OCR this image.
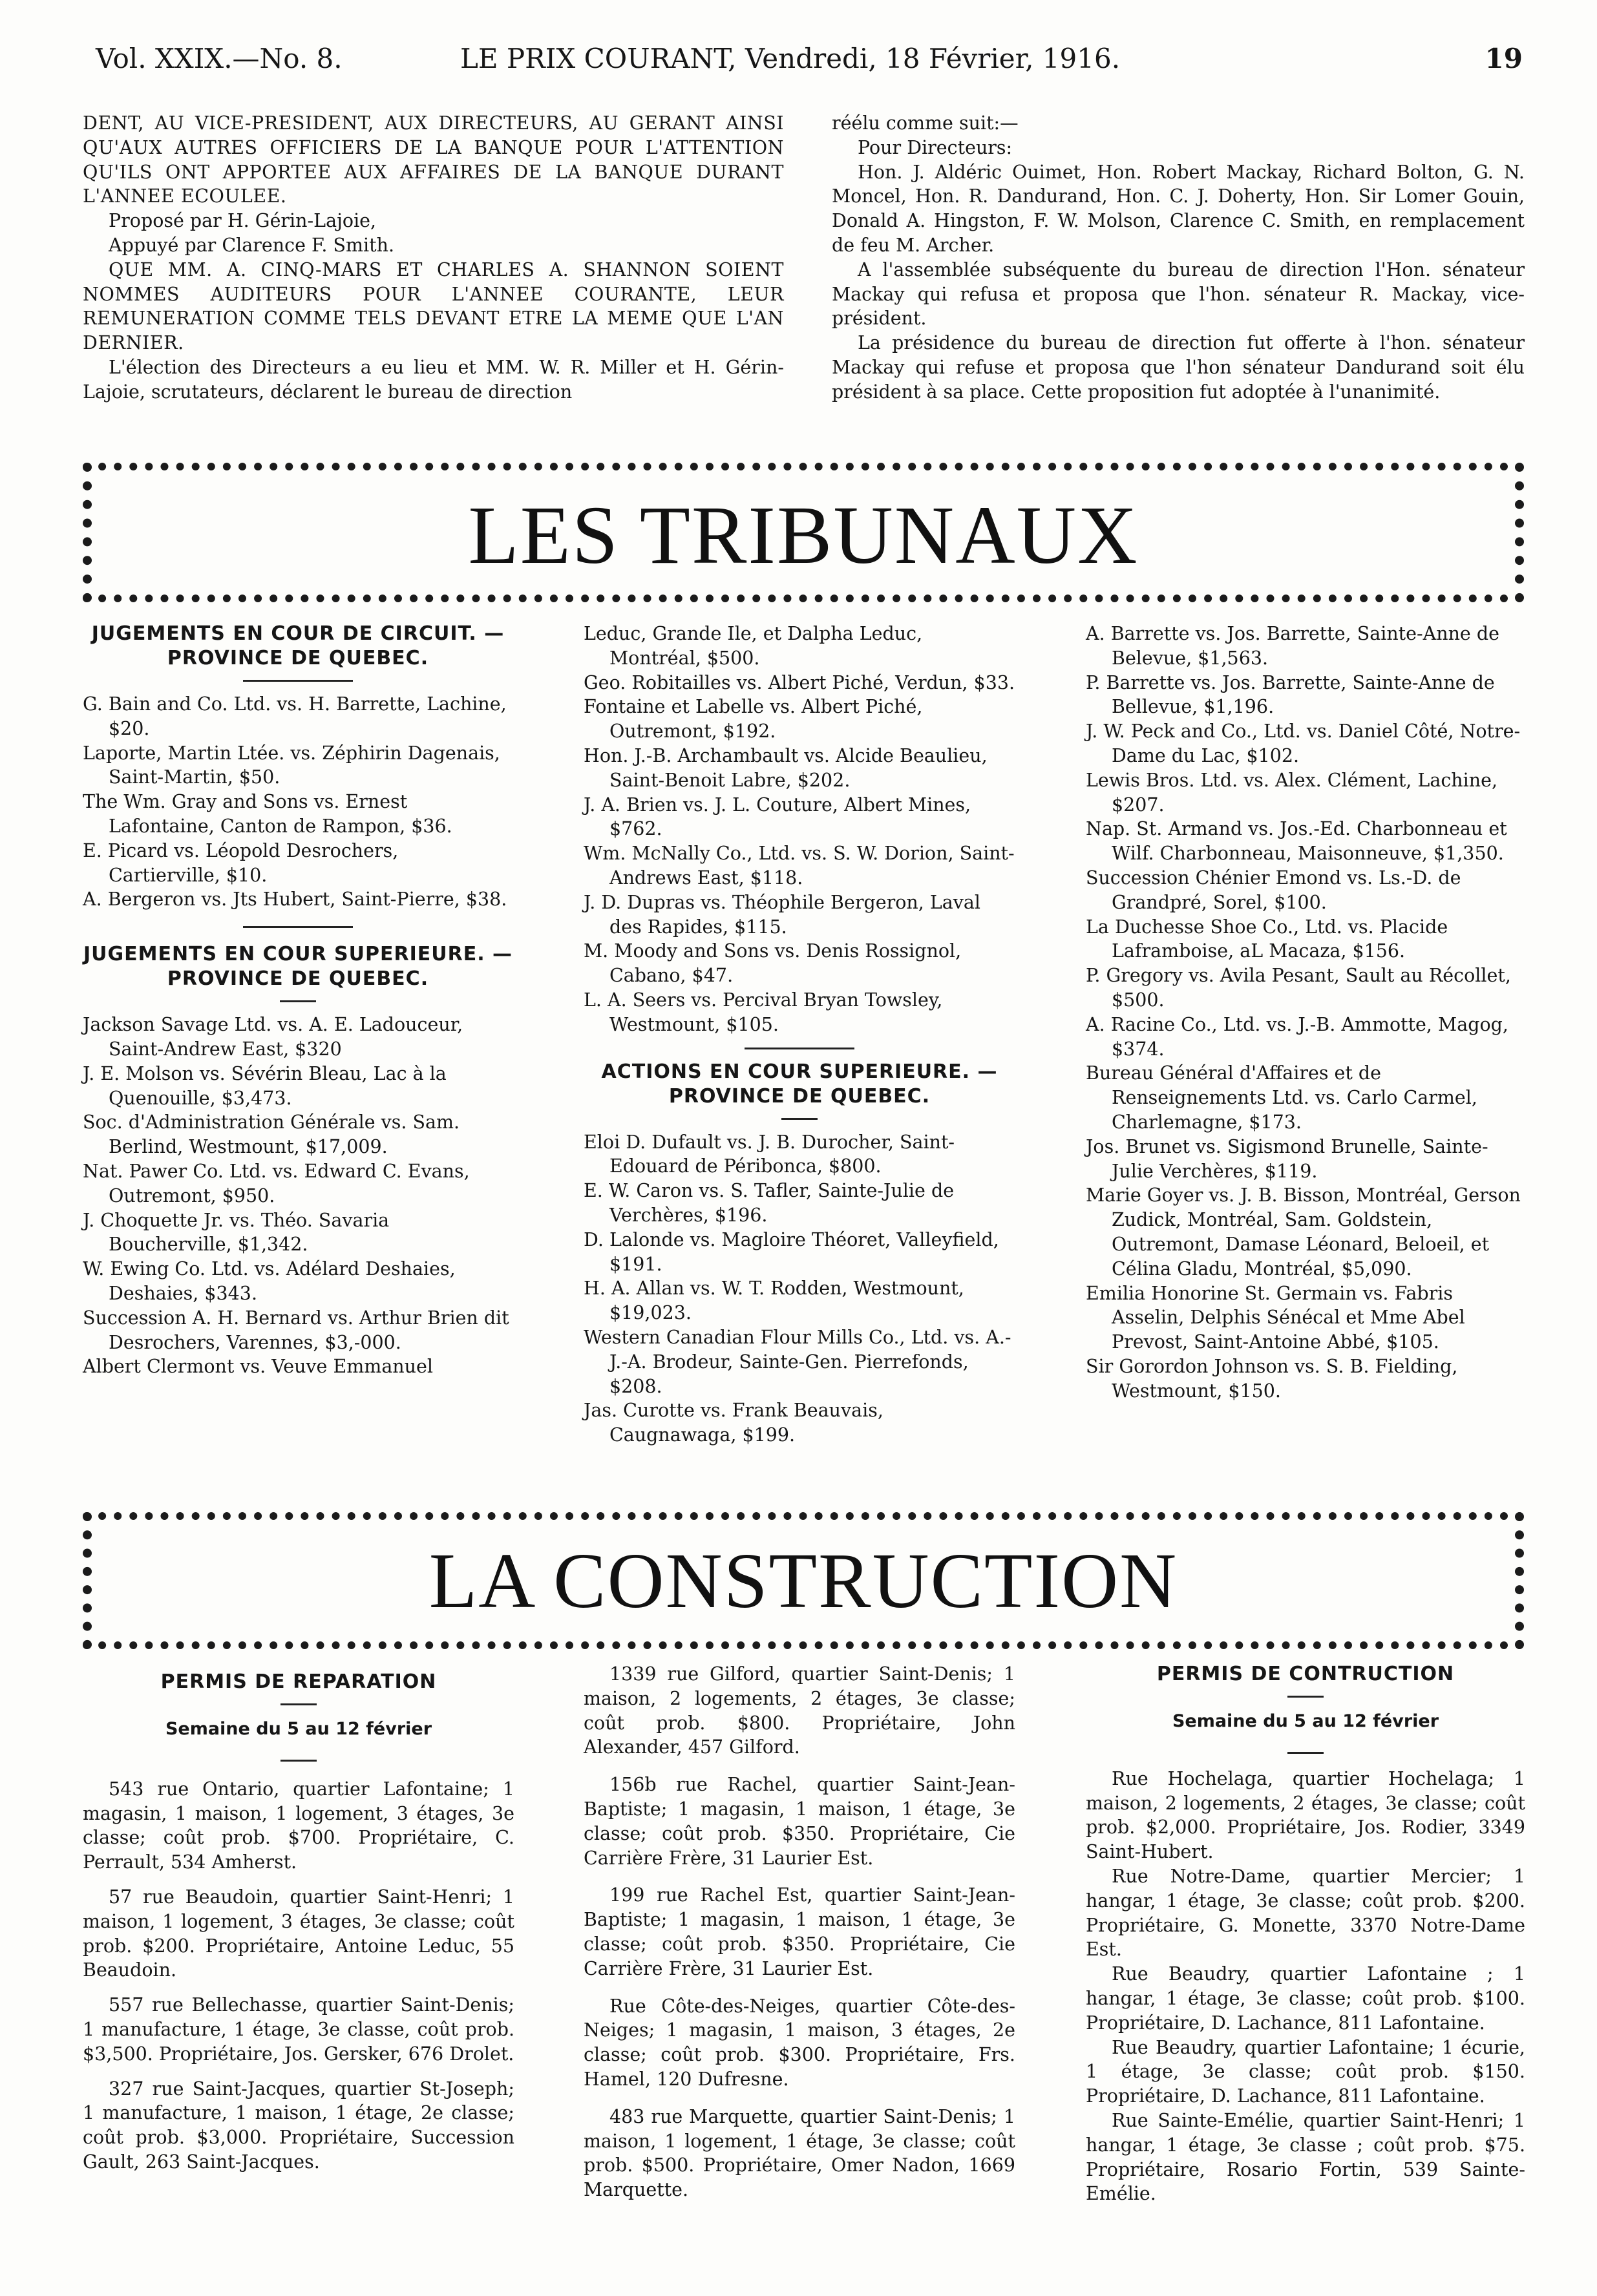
Vol. XXIX.—No. 8.	LE PRIX COURANT, Vendredi, 18 Février, 1916.	19

DENT, AU VICE-PRESIDENT, AUX DIRECTEURS, AU GERANT AINSI QU'AUX AUTRES OFFICIERS DE LA BANQUE POUR L'ATTENTION QU'ILS ONT APPORTEE AUX AFFAIRES DE LA BANQUE DURANT L'ANNEE ECOULEE.

Proposé par H. Gérin-Lajoie,

Appuyé par Clarence F. Smith.

QUE MM. A. CINQ-MARS ET CHARLES A. SHANNON SOIENT NOMMES AUDITEURS POUR L'ANNEE COURANTE, LEUR REMUNERATION COMME TELS DEVANT ETRE LA MEME QUE L'AN DERNIER.

L'élection des Directeurs a eu lieu et MM. W. R. Miller et H. Gérin-Lajoie, scrutateurs, déclarent le bureau de direction

réélu comme suit:—

Pour Directeurs:

Hon. J. Aldéric Ouimet, Hon. Robert Mackay, Richard Bolton, G. N. Moncel, Hon. R. Dandurand, Hon. C. J. Doherty, Hon. Sir Lomer Gouin, Donald A. Hingston, F. W. Molson, Clarence C. Smith, en remplacement de feu M. Archer.

A l'assemblée subséquente du bureau de direction l'Hon. sénateur Mackay qui refusa et proposa que l'hon. sénateur R. Mackay, vice-président.

La présidence du bureau de direction fut offerte à l'hon. sénateur Mackay qui refuse et proposa que l'hon sénateur Dandurand soit élu président à sa place. Cette proposition fut adoptée à l'unanimité.

LES TRIBUNAUX
JUGEMENTS EN COUR DE CIRCUIT. — PROVINCE DE QUEBEC.

G. Bain and Co. Ltd. vs. H. Barrette, Lachine, $20.

Laporte, Martin Ltée. vs. Zéphirin Dagenais, Saint-Martin, $50.

The Wm. Gray and Sons vs. Ernest Lafontaine, Canton de Rampon, $36.

E. Picard vs. Léopold Desrochers, Cartierville, $10.

A. Bergeron vs. Jts Hubert, Saint-Pierre, $38.

JUGEMENTS EN COUR SUPERIEURE. — PROVINCE DE QUEBEC.

Jackson Savage Ltd. vs. A. E. Ladouceur, Saint-Andrew East, $320

J. E. Molson vs. Sévérin Bleau, Lac à la Quenouille, $3,473.

Soc. d'Administration Générale vs. Sam. Berlind, Westmount, $17,009.

Nat. Pawer Co. Ltd. vs. Edward C. Evans, Outremont, $950.

J. Choquette Jr. vs. Théo. Savaria Boucherville, $1,342.

W. Ewing Co. Ltd. vs. Adélard Deshaies, Deshaies, $343.

Succession A. H. Bernard vs. Arthur Brien dit Desrochers, Varennes, $3,-000.

Albert Clermont vs. Veuve Emmanuel

Leduc, Grande Ile, et Dalpha Leduc, Montréal, $500.

Geo. Robitailles vs. Albert Piché, Verdun, $33.

Fontaine et Labelle vs. Albert Piché, Outremont, $192.

Hon. J.-B. Archambault vs. Alcide Beaulieu, Saint-Benoit Labre, $202.

J. A. Brien vs. J. L. Couture, Albert Mines, $762.

Wm. McNally Co., Ltd. vs. S. W. Dorion, Saint-Andrews East, $118.

J. D. Dupras vs. Théophile Bergeron, Laval des Rapides, $115.

M. Moody and Sons vs. Denis Rossignol, Cabano, $47.

L. A. Seers vs. Percival Bryan Towsley, Westmount, $105.

ACTIONS EN COUR SUPERIEURE. — PROVINCE DE QUEBEC.

Eloi D. Dufault vs. J. B. Durocher, Saint-Edouard de Péribonca, $800.

E. W. Caron vs. S. Tafler, Sainte-Julie de Verchères, $196.

D. Lalonde vs. Magloire Théoret, Valleyfield, $191.

H. A. Allan vs. W. T. Rodden, Westmount, $19,023.

Western Canadian Flour Mills Co., Ltd. vs. A.-J.-A. Brodeur, Sainte-Gen. Pierrefonds, $208.

Jas. Curotte vs. Frank Beauvais, Caugnawaga, $199.

A. Barrette vs. Jos. Barrette, Sainte-Anne de Belevue, $1,563.

P. Barrette vs. Jos. Barrette, Sainte-Anne de Bellevue, $1,196.

J. W. Peck and Co., Ltd. vs. Daniel Côté, Notre-Dame du Lac, $102.

Lewis Bros. Ltd. vs. Alex. Clément, Lachine, $207.

Nap. St. Armand vs. Jos.-Ed. Charbonneau et Wilf. Charbonneau, Maisonneuve, $1,350.

Succession Chénier Emond vs. Ls.-D. de Grandpré, Sorel, $100.

La Duchesse Shoe Co., Ltd. vs. Placide Laframboise, aL Macaza, $156.

P. Gregory vs. Avila Pesant, Sault au Récollet, $500.

A. Racine Co., Ltd. vs. J.-B. Ammotte, Magog, $374.

Bureau Général d'Affaires et de Renseignements Ltd. vs. Carlo Carmel, Charlemagne, $173.

Jos. Brunet vs. Sigismond Brunelle, Sainte-Julie Verchères, $119.

Marie Goyer vs. J. B. Bisson, Montréal, Gerson Zudick, Montréal, Sam. Goldstein, Outremont, Damase Léonard, Beloeil, et Célina Gladu, Montréal, $5,090.

Emilia Honorine St. Germain vs. Fabris Asselin, Delphis Sénécal et Mme Abel Prevost, Saint-Antoine Abbé, $105.

Sir Gorordon Johnson vs. S. B. Fielding, Westmount, $150.

LA CONSTRUCTION
PERMIS DE REPARATION
Semaine du 5 au 12 février

543 rue Ontario, quartier Lafontaine; 1 magasin, 1 maison, 1 logement, 3 étages, 3e classe; coût prob. $700. Propriétaire, C. Perrault, 534 Amherst.

57 rue Beaudoin, quartier Saint-Henri; 1 maison, 1 logement, 3 étages, 3e classe; coût prob. $200. Propriétaire, Antoine Leduc, 55 Beaudoin.

557 rue Bellechasse, quartier Saint-Denis; 1 manufacture, 1 étage, 3e classe, coût prob. $3,500. Propriétaire, Jos. Gersker, 676 Drolet.

327 rue Saint-Jacques, quartier St-Joseph; 1 manufacture, 1 maison, 1 étage, 2e classe; coût prob. $3,000. Propriétaire, Succession Gault, 263 Saint-Jacques.

1339 rue Gilford, quartier Saint-Denis; 1 maison, 2 logements, 2 étages, 3e classe; coût prob. $800. Propriétaire, John Alexander, 457 Gilford.

156b rue Rachel, quartier Saint-Jean-Baptiste; 1 magasin, 1 maison, 1 étage, 3e classe; coût prob. $350. Propriétaire, Cie Carrière Frère, 31 Laurier Est.

199 rue Rachel Est, quartier Saint-Jean-Baptiste; 1 magasin, 1 maison, 1 étage, 3e classe; coût prob. $350. Propriétaire, Cie Carrière Frère, 31 Laurier Est.

Rue Côte-des-Neiges, quartier Côte-des-Neiges; 1 magasin, 1 maison, 3 étages, 2e classe; coût prob. $300. Propriétaire, Frs. Hamel, 120 Dufresne.

483 rue Marquette, quartier Saint-Denis; 1 maison, 1 logement, 1 étage, 3e classe; coût prob. $500. Propriétaire, Omer Nadon, 1669 Marquette.

PERMIS DE CONTRUCTION
Semaine du 5 au 12 février

Rue Hochelaga, quartier Hochelaga; 1 maison, 2 logements, 2 étages, 3e classe; coût prob. $2,000. Propriétaire, Jos. Rodier, 3349 Saint-Hubert.

Rue Notre-Dame, quartier Mercier; 1 hangar, 1 étage, 3e classe; coût prob. $200. Propriétaire, G. Monette, 3370 Notre-Dame Est.

Rue Beaudry, quartier Lafontaine ; 1 hangar, 1 étage, 3e classe; coût prob. $100. Propriétaire, D. Lachance, 811 Lafontaine.

Rue Beaudry, quartier Lafontaine; 1 écurie, 1 étage, 3e classe; coût prob. $150. Propriétaire, D. Lachance, 811 Lafontaine.

Rue Sainte-Emélie, quartier Saint-Henri; 1 hangar, 1 étage, 3e classe ; coût prob. $75. Propriétaire, Rosario Fortin, 539 Sainte-Emélie.
